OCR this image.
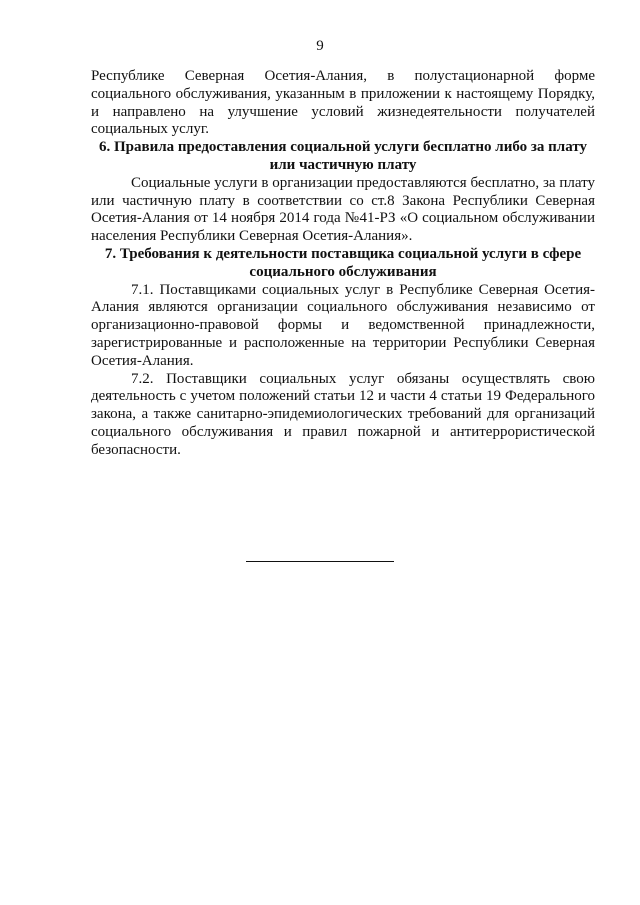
9

Республике Северная Осетия-Алания, в полустационарной форме социального обслуживания, указанным в приложении к настоящему Порядку, и направлено на улучшение условий жизнедеятельности получателей социальных услуг.

6. Правила предоставления социальной услуги бесплатно либо за плату или частичную плату

Социальные услуги в организации предоставляются бесплатно, за плату или частичную плату в соответствии со ст.8 Закона Республики Северная Осетия-Алания от 14 ноября 2014 года №41-РЗ «О социальном обслуживании населения Республики Северная Осетия-Алания».

7. Требования к деятельности поставщика социальной услуги в сфере социального обслуживания

7.1. Поставщиками социальных услуг в Республике Северная Осетия-Алания являются организации социального обслуживания независимо от организационно-правовой формы и ведомственной принадлежности, зарегистрированные и расположенные на территории Республики Северная Осетия-Алания.

7.2. Поставщики социальных услуг обязаны осуществлять свою деятельность с учетом положений статьи 12 и части 4 статьи 19 Федерального закона, а также санитарно-эпидемиологических требований для организаций социального обслуживания и правил пожарной и антитеррористической безопасности.
